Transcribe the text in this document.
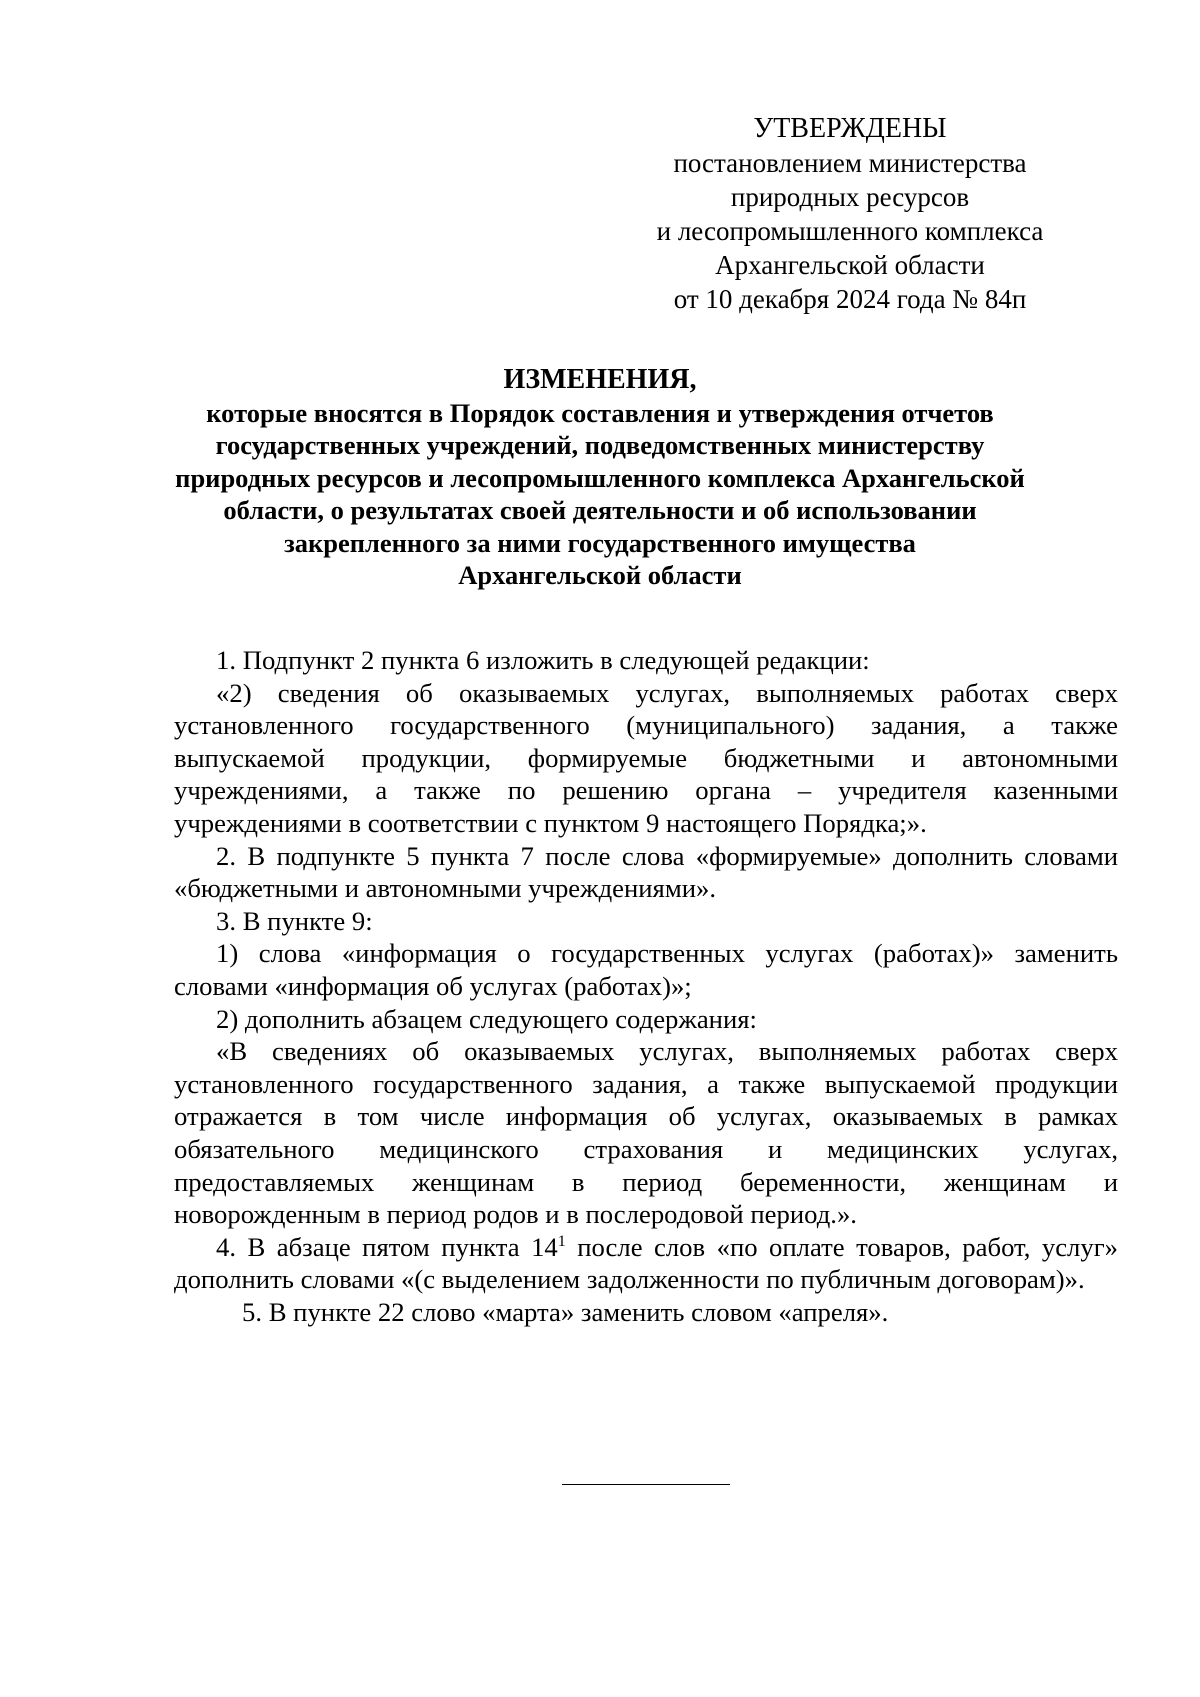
УТВЕРЖДЕНЫ
постановлением министерства
природных ресурсов
и лесопромышленного комплекса
Архангельской области
от 10 декабря 2024 года № 84п
ИЗМЕНЕНИЯ,
которые вносятся в Порядок составления и утверждения отчетов
государственных учреждений, подведомственных министерству
природных ресурсов и лесопромышленного комплекса Архангельской
области, о результатах своей деятельности и об использовании
закрепленного за ними государственного имущества
Архангельской области

1. Подпункт 2 пункта 6 изложить в следующей редакции:

«2) сведения об оказываемых услугах, выполняемых работах сверх установленного государственного (муниципального) задания, а также выпускаемой продукции, формируемые бюджетными и автономными учреждениями, а также по решению органа – учредителя казенными учреждениями в соответствии с пунктом 9 настоящего Порядка;».

2. В подпункте 5 пункта 7 после слова «формируемые» дополнить словами «бюджетными и автономными учреждениями».

3. В пункте 9:

1) слова «информация о государственных услугах (работах)» заменить словами «информация об услугах (работах)»;

2) дополнить абзацем следующего содержания:

«В сведениях об оказываемых услугах, выполняемых работах сверх установленного государственного задания, а также выпускаемой продукции отражается в том числе информация об услугах, оказываемых в рамках обязательного медицинского страхования и медицинских услугах, предоставляемых женщинам в период беременности, женщинам и новорожденным в период родов и в послеродовой период.».

4. В абзаце пятом пункта $14^1$ после слов «по оплате товаров, работ, услуг» дополнить словами «(с выделением задолженности по публичным договорам)».

5. В пункте 22 слово «марта» заменить словом «апреля».
